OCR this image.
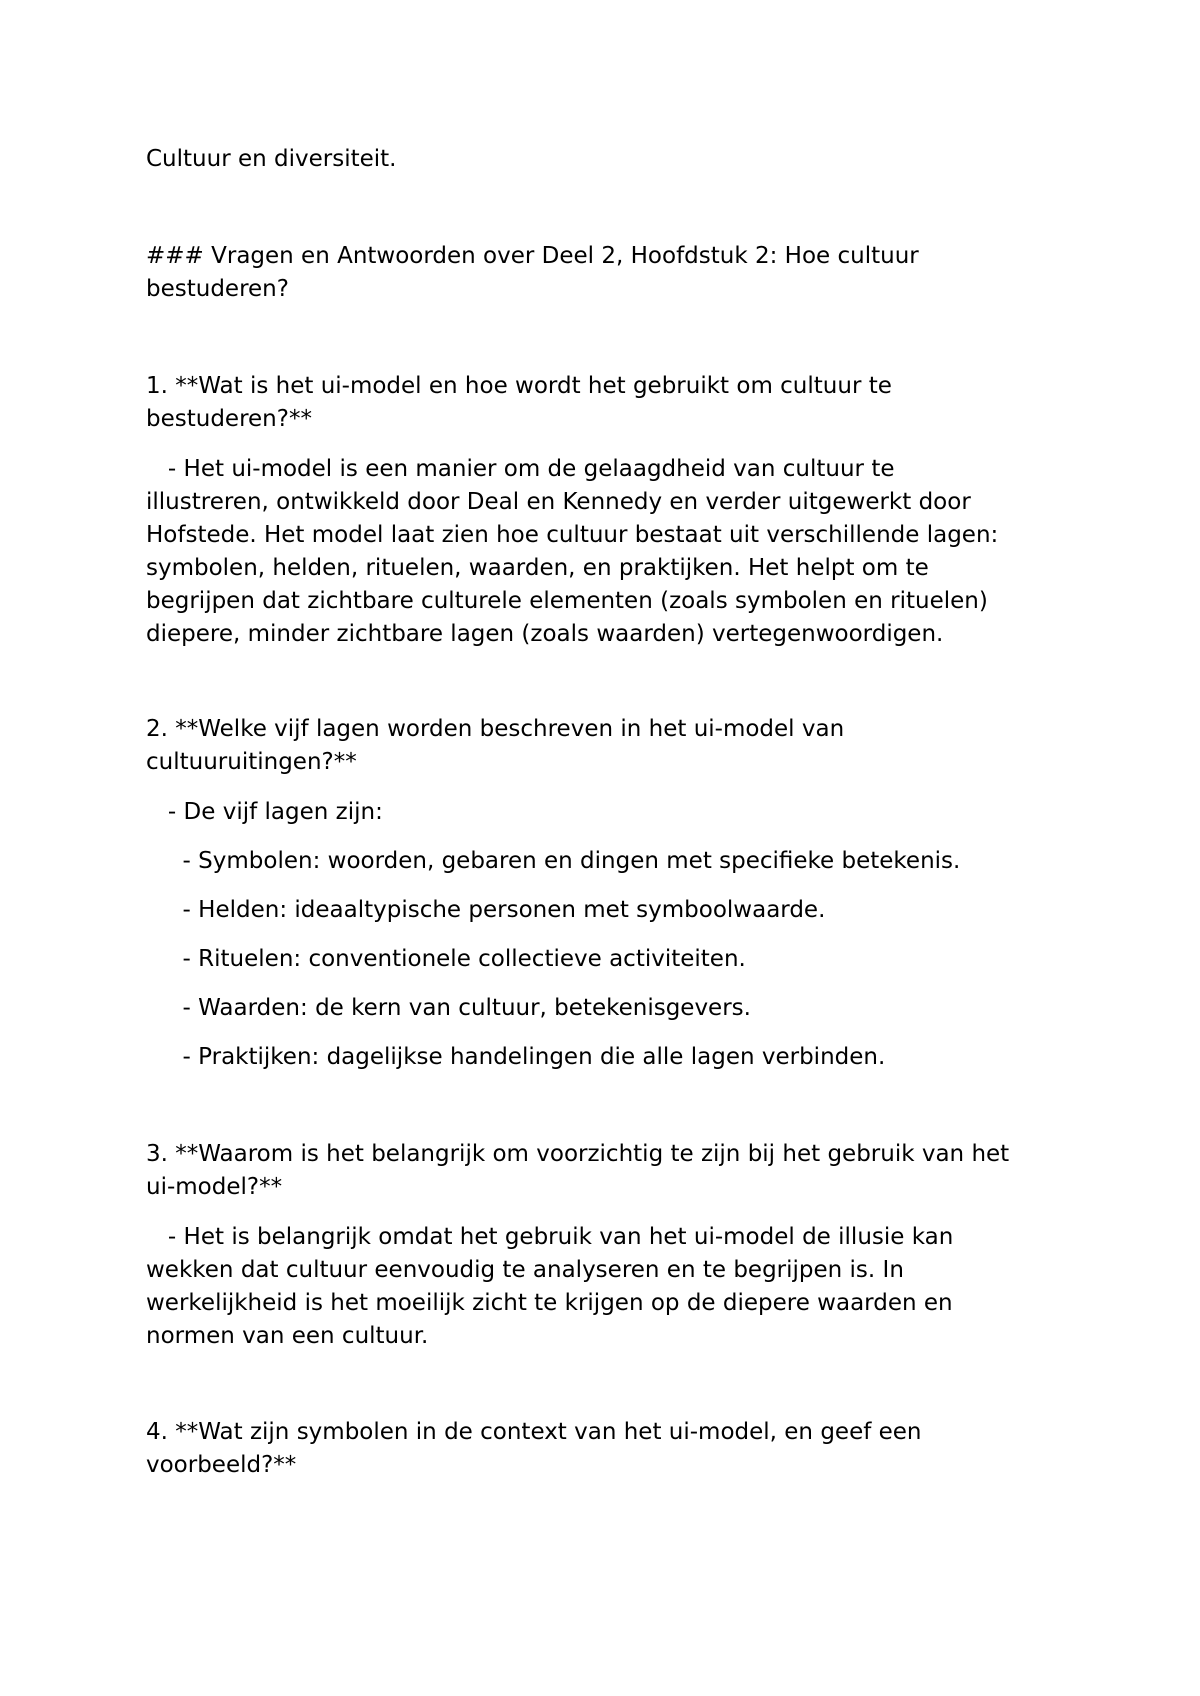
Cultuur en diversiteit.
### Vragen en Antwoorden over Deel 2, Hoofdstuk 2: Hoe cultuur
bestuderen?
1. **Wat is het ui-model en hoe wordt het gebruikt om cultuur te
bestuderen?**
- Het ui-model is een manier om de gelaagdheid van cultuur te
illustreren, ontwikkeld door Deal en Kennedy en verder uitgewerkt door
Hofstede. Het model laat zien hoe cultuur bestaat uit verschillende lagen:
symbolen, helden, rituelen, waarden, en praktijken. Het helpt om te
begrijpen dat zichtbare culturele elementen (zoals symbolen en rituelen)
diepere, minder zichtbare lagen (zoals waarden) vertegenwoordigen.
2. **Welke vijf lagen worden beschreven in het ui-model van
cultuuruitingen?**
- De vijf lagen zijn:
- Symbolen: woorden, gebaren en dingen met specifieke betekenis.
- Helden: ideaaltypische personen met symboolwaarde.
- Rituelen: conventionele collectieve activiteiten.
- Waarden: de kern van cultuur, betekenisgevers.
- Praktijken: dagelijkse handelingen die alle lagen verbinden.
3. **Waarom is het belangrijk om voorzichtig te zijn bij het gebruik van het
ui-model?**
- Het is belangrijk omdat het gebruik van het ui-model de illusie kan
wekken dat cultuur eenvoudig te analyseren en te begrijpen is. In
werkelijkheid is het moeilijk zicht te krijgen op de diepere waarden en
normen van een cultuur.
4. **Wat zijn symbolen in de context van het ui-model, en geef een
voorbeeld?**
